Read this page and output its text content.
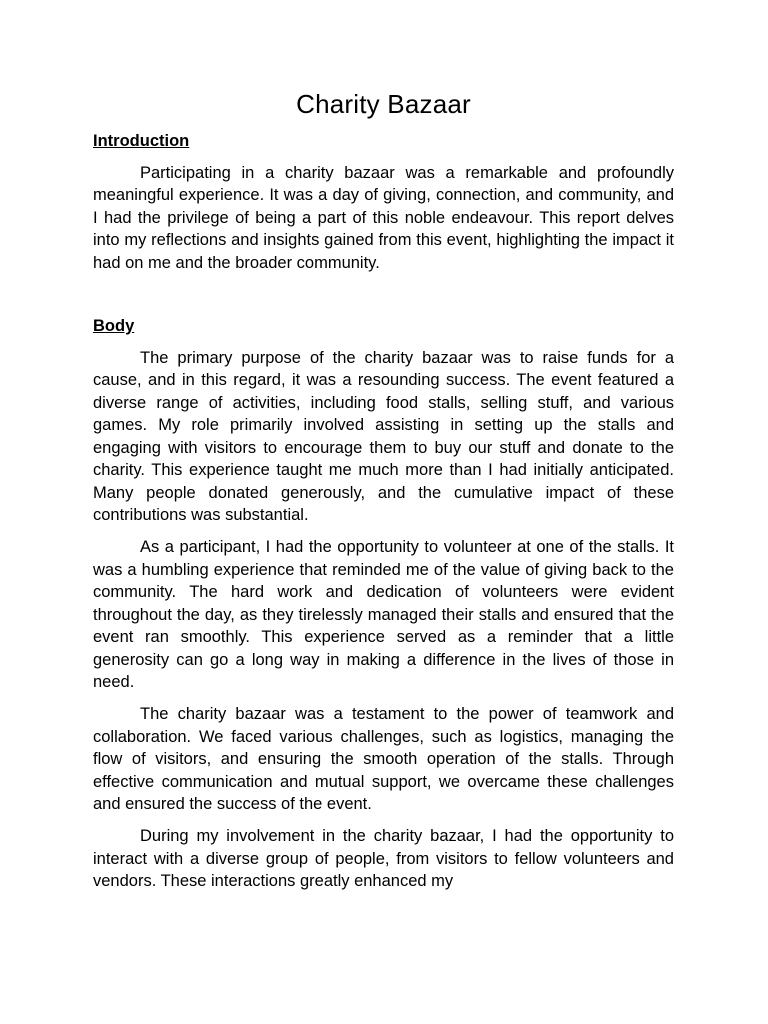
Charity Bazaar
Introduction

Participating in a charity bazaar was a remarkable and profoundly meaningful experience. It was a day of giving, connection, and community, and I had the privilege of being a part of this noble endeavour. This report delves into my reflections and insights gained from this event, highlighting the impact it had on me and the broader community.

Body

The primary purpose of the charity bazaar was to raise funds for a cause, and in this regard, it was a resounding success. The event featured a diverse range of activities, including food stalls, selling stuff, and various games. My role primarily involved assisting in setting up the stalls and engaging with visitors to encourage them to buy our stuff and donate to the charity. This experience taught me much more than I had initially anticipated. Many people donated generously, and the cumulative impact of these contributions was substantial.

As a participant, I had the opportunity to volunteer at one of the stalls. It was a humbling experience that reminded me of the value of giving back to the community. The hard work and dedication of volunteers were evident throughout the day, as they tirelessly managed their stalls and ensured that the event ran smoothly. This experience served as a reminder that a little generosity can go a long way in making a difference in the lives of those in need.

The charity bazaar was a testament to the power of teamwork and collaboration. We faced various challenges, such as logistics, managing the flow of visitors, and ensuring the smooth operation of the stalls. Through effective communication and mutual support, we overcame these challenges and ensured the success of the event.

During my involvement in the charity bazaar, I had the opportunity to interact with a diverse group of people, from visitors to fellow volunteers and vendors. These interactions greatly enhanced my
